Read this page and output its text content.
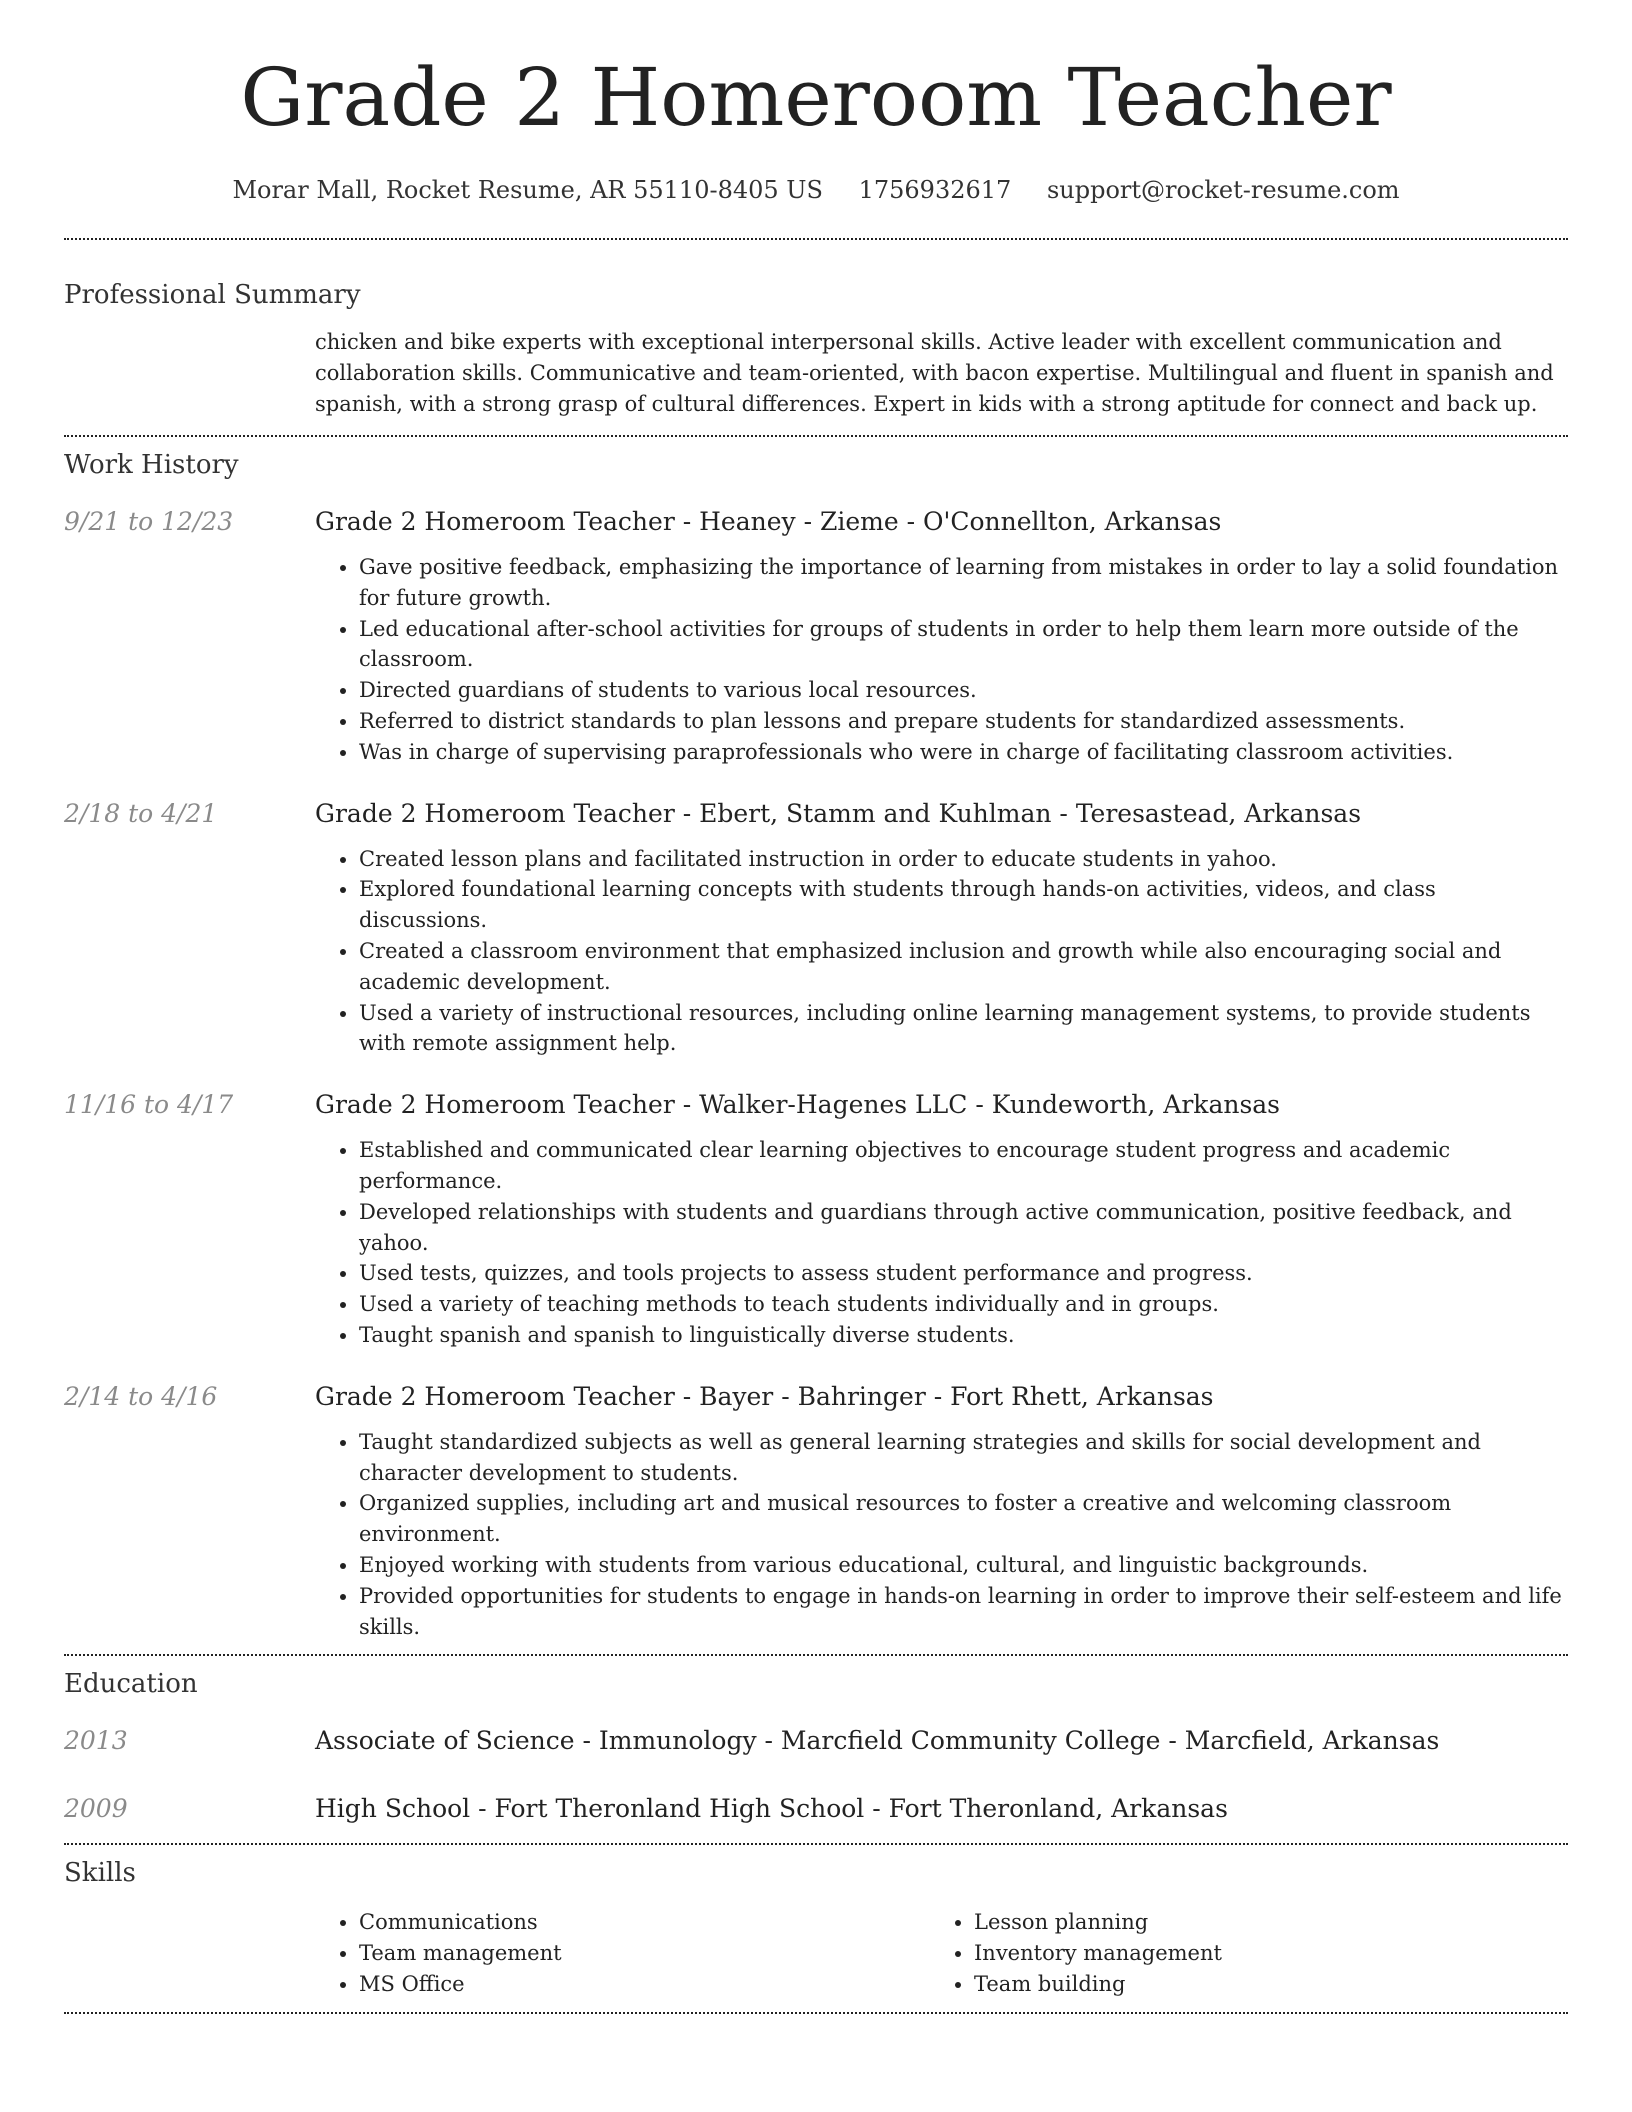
Grade 2 Homeroom Teacher
Morar Mall, Rocket Resume, AR 55110-8405 US 1756932617 support@rocket-resume.com
Professional Summary
chicken and bike experts with exceptional interpersonal skills. Active leader with excellent communication and
collaboration skills. Communicative and team-oriented, with bacon expertise. Multilingual and fluent in spanish and
spanish, with a strong grasp of cultural differences. Expert in kids with a strong aptitude for connect and back up.
Work History
9/21 to 12/23	Grade 2 Homeroom Teacher - Heaney - Zieme - O'Connellton, Arkansas
• Gave positive feedback, emphasizing the importance of learning from mistakes in order to lay a solid foundation for future growth.
• Led educational after-school activities for groups of students in order to help them learn more outside of the classroom.
• Directed guardians of students to various local resources.
• Referred to district standards to plan lessons and prepare students for standardized assessments.
• Was in charge of supervising paraprofessionals who were in charge of facilitating classroom activities.
2/18 to 4/21	Grade 2 Homeroom Teacher - Ebert, Stamm and Kuhlman - Teresastead, Arkansas
• Created lesson plans and facilitated instruction in order to educate students in yahoo.
• Explored foundational learning concepts with students through hands-on activities, videos, and class discussions.
• Created a classroom environment that emphasized inclusion and growth while also encouraging social and academic development.
• Used a variety of instructional resources, including online learning management systems, to provide students with remote assignment help.
11/16 to 4/17	Grade 2 Homeroom Teacher - Walker-Hagenes LLC - Kundeworth, Arkansas
• Established and communicated clear learning objectives to encourage student progress and academic performance.
• Developed relationships with students and guardians through active communication, positive feedback, and yahoo.
• Used tests, quizzes, and tools projects to assess student performance and progress.
• Used a variety of teaching methods to teach students individually and in groups.
• Taught spanish and spanish to linguistically diverse students.
2/14 to 4/16	Grade 2 Homeroom Teacher - Bayer - Bahringer - Fort Rhett, Arkansas
• Taught standardized subjects as well as general learning strategies and skills for social development and character development to students.
• Organized supplies, including art and musical resources to foster a creative and welcoming classroom environment.
• Enjoyed working with students from various educational, cultural, and linguistic backgrounds.
• Provided opportunities for students to engage in hands-on learning in order to improve their self-esteem and life skills.
Education
2013	Associate of Science - Immunology - Marcfield Community College - Marcfield, Arkansas
2009	High School - Fort Theronland High School - Fort Theronland, Arkansas
Skills
• Communications
• Team management
• MS Office
• Lesson planning
• Inventory management
• Team building
